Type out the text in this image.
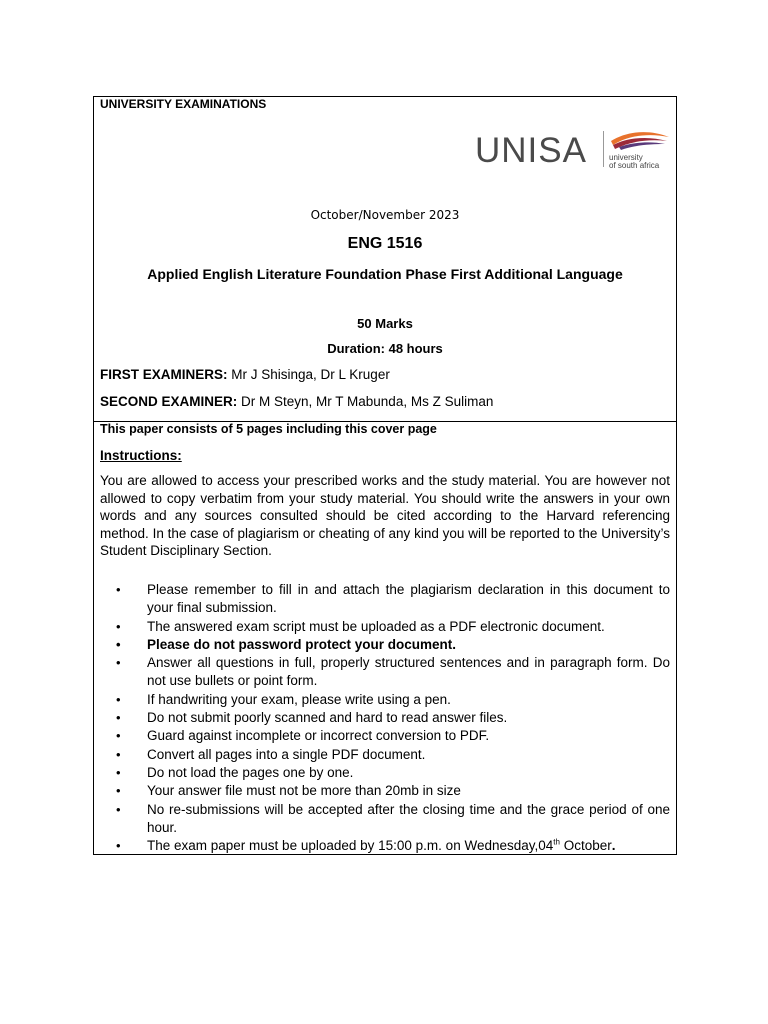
UNIVERSITY EXAMINATIONS
UNISA	university
of south africa
October/November 2023
ENG 1516
Applied English Literature Foundation Phase First Additional Language
50 Marks
Duration: 48 hours
FIRST EXAMINERS: Mr J Shisinga, Dr L Kruger
SECOND EXAMINER: Dr M Steyn, Mr T Mabunda, Ms Z Suliman
This paper consists of 5 pages including this cover page
Instructions:
You are allowed to access your prescribed works and the study material. You are however not allowed to copy verbatim from your study material. You should write the answers in your own words and any sources consulted should be cited according to the Harvard referencing method. In the case of plagiarism or cheating of any kind you will be reported to the University’s Student Disciplinary Section.
• Please remember to fill in and attach the plagiarism declaration in this document to your final submission.
• The answered exam script must be uploaded as a PDF electronic document.
• Please do not password protect your document.
• Answer all questions in full, properly structured sentences and in paragraph form. Do not use bullets or point form.
• If handwriting your exam, please write using a pen.
• Do not submit poorly scanned and hard to read answer files.
• Guard against incomplete or incorrect conversion to PDF.
• Convert all pages into a single PDF document.
• Do not load the pages one by one.
• Your answer file must not be more than 20mb in size
• No re-submissions will be accepted after the closing time and the grace period of one hour.
• The exam paper must be uploaded by 15:00 p.m. on Wednesday,04th October.
